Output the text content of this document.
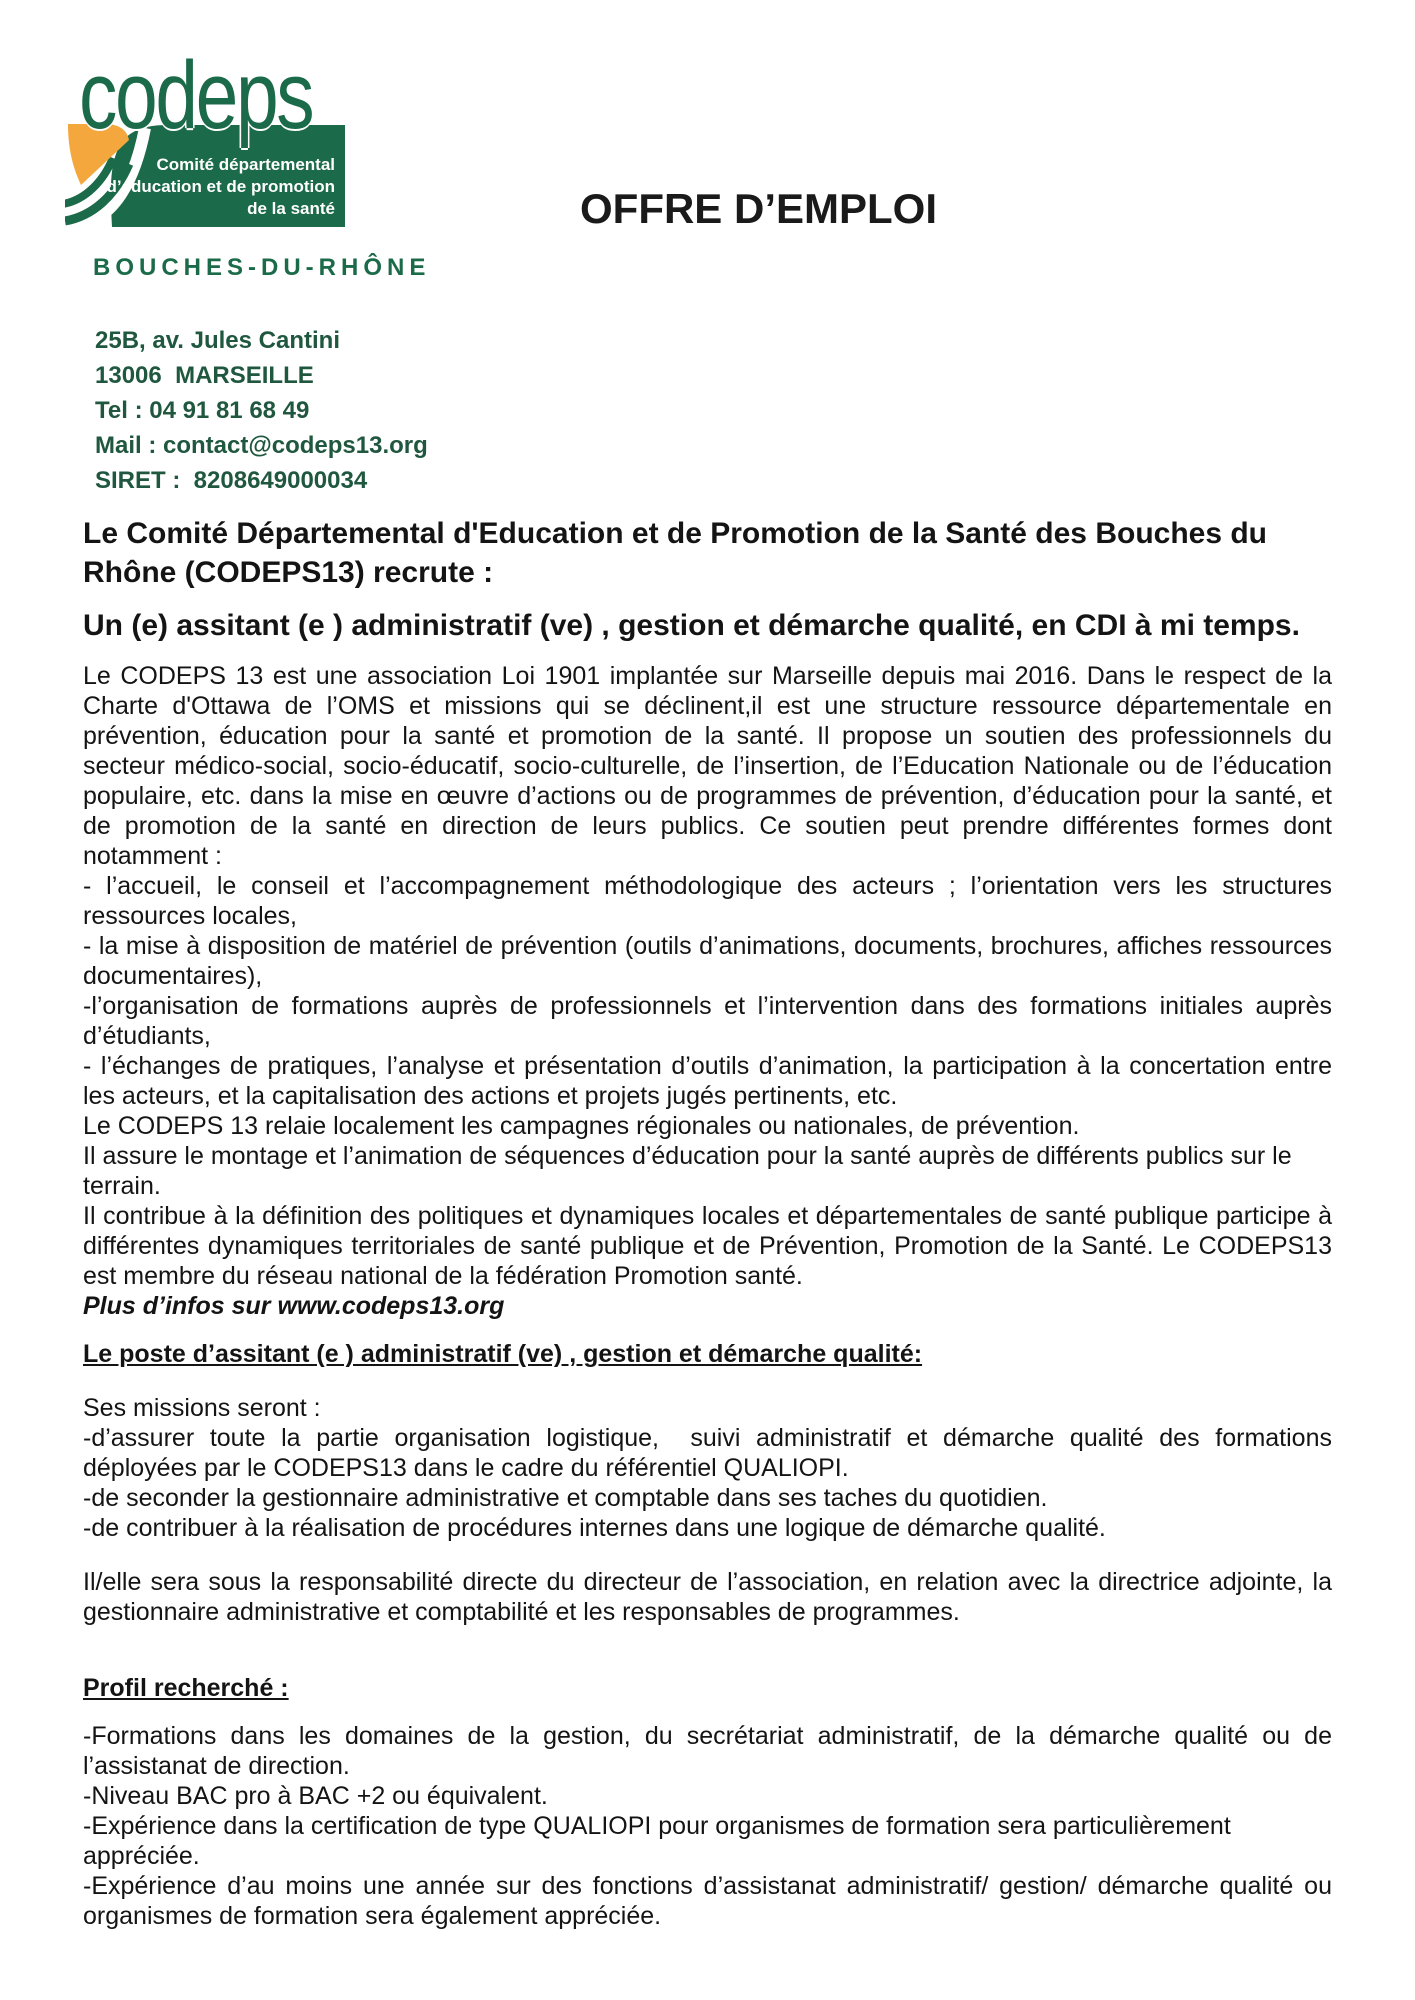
codeps
Comité départemental
d’éducation et de promotion
de la santé
BOUCHES-DU-RHÔNE
OFFRE D’EMPLOI
25B, av. Jules Cantini
13006  MARSEILLE
Tel : 04 91 81 68 49
Mail : contact@codeps13.org
SIRET :  8208649000034
Le Comité Départemental d'Education et de Promotion de la Santé des Bouches du Rhône (CODEPS13) recrute :
Un (e) assitant (e ) administratif (ve) , gestion et démarche qualité, en CDI à mi temps.

Le CODEPS 13 est une association Loi 1901 implantée sur Marseille depuis mai 2016. Dans le respect de la Charte d'Ottawa de l’OMS et missions qui se déclinent,il est une structure ressource départementale en prévention, éducation pour la santé et promotion de la santé. Il propose un soutien des professionnels du secteur médico-social, socio-éducatif, socio-culturelle, de l’insertion, de l’Education Nationale ou de l’éducation populaire, etc. dans la mise en œuvre d’actions ou de programmes de prévention, d’éducation pour la santé, et de promotion de la santé en direction de leurs publics. Ce soutien peut prendre différentes formes dont notamment :

- l’accueil, le conseil et l’accompagnement méthodologique des acteurs ; l’orientation vers les structures ressources locales,
- la mise à disposition de matériel de prévention (outils d’animations, documents, brochures, affiches ressources documentaires),
-l’organisation de formations auprès de professionnels et l’intervention dans des formations initiales auprès d’étudiants,
- l’échanges de pratiques, l’analyse et présentation d’outils d’animation, la participation à la concertation entre les acteurs, et la capitalisation des actions et projets jugés pertinents, etc.
Le CODEPS 13 relaie localement les campagnes régionales ou nationales, de prévention.
Il assure le montage et l’animation de séquences d’éducation pour la santé auprès de différents publics sur le terrain.
Il contribue à la définition des politiques et dynamiques locales et départementales de santé publique participe à différentes dynamiques territoriales de santé publique et de Prévention, Promotion de la Santé. Le CODEPS13 est membre du réseau national de la fédération Promotion santé.
Plus d’infos sur www.codeps13.org
Le poste d’assitant (e ) administratif (ve) , gestion et démarche qualité:
Ses missions seront :
-d’assurer toute la partie organisation logistique,  suivi administratif et démarche qualité des formations déployées par le CODEPS13 dans le cadre du référentiel QUALIOPI.
-de seconder la gestionnaire administrative et comptable dans ses taches du quotidien.
-de contribuer à la réalisation de procédures internes dans une logique de démarche qualité.

Il/elle sera sous la responsabilité directe du directeur de l’association, en relation avec la directrice adjointe, la gestionnaire administrative et comptabilité et les responsables de programmes.

Profil recherché :
-Formations dans les domaines de la gestion, du secrétariat administratif, de la démarche qualité ou de l’assistanat de direction.
-Niveau BAC pro à BAC +2 ou équivalent.
-Expérience dans la certification de type QUALIOPI pour organismes de formation sera particulièrement appréciée.
-Expérience d’au moins une année sur des fonctions d’assistanat administratif/ gestion/ démarche qualité ou organismes de formation sera également appréciée.
